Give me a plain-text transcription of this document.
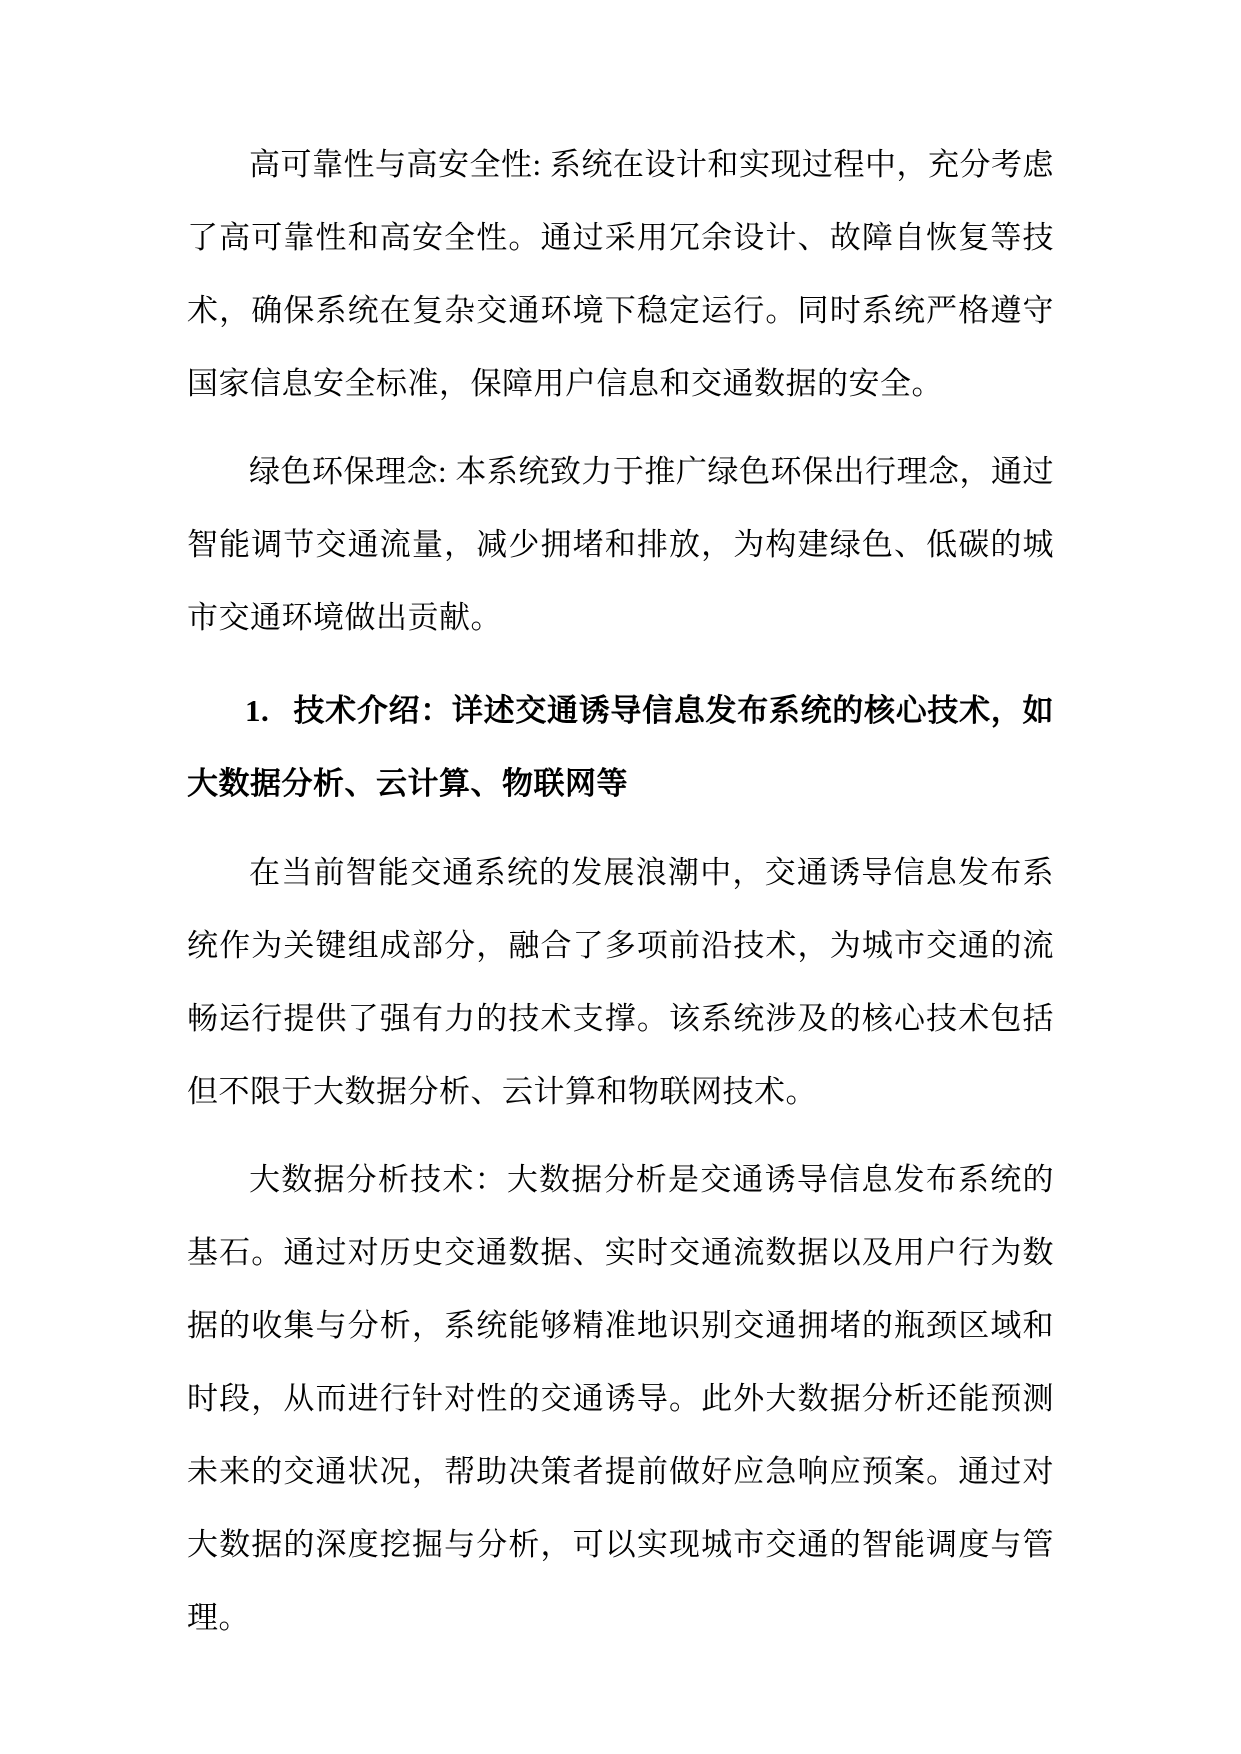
高可靠性与高安全性: 系统在设计和实现过程中，充分考虑了高可靠性和高安全性。通过采用冗余设计、故障自恢复等技术，确保系统在复杂交通环境下稳定运行。同时系统严格遵守国家信息安全标准，保障用户信息和交通数据的安全。

绿色环保理念: 本系统致力于推广绿色环保出行理念，通过智能调节交通流量，减少拥堵和排放，为构建绿色、低碳的城市交通环境做出贡献。

1. 技术介绍：详述交通诱导信息发布系统的核心技术，如大数据分析、云计算、物联网等

在当前智能交通系统的发展浪潮中，交通诱导信息发布系统作为关键组成部分，融合了多项前沿技术，为城市交通的流畅运行提供了强有力的技术支撑。该系统涉及的核心技术包括但不限于大数据分析、云计算和物联网技术。

大数据分析技术：大数据分析是交通诱导信息发布系统的基石。通过对历史交通数据、实时交通流数据以及用户行为数据的收集与分析，系统能够精准地识别交通拥堵的瓶颈区域和时段，从而进行针对性的交通诱导。此外大数据分析还能预测未来的交通状况，帮助决策者提前做好应急响应预案。通过对大数据的深度挖掘与分析，可以实现城市交通的智能调度与管理。
